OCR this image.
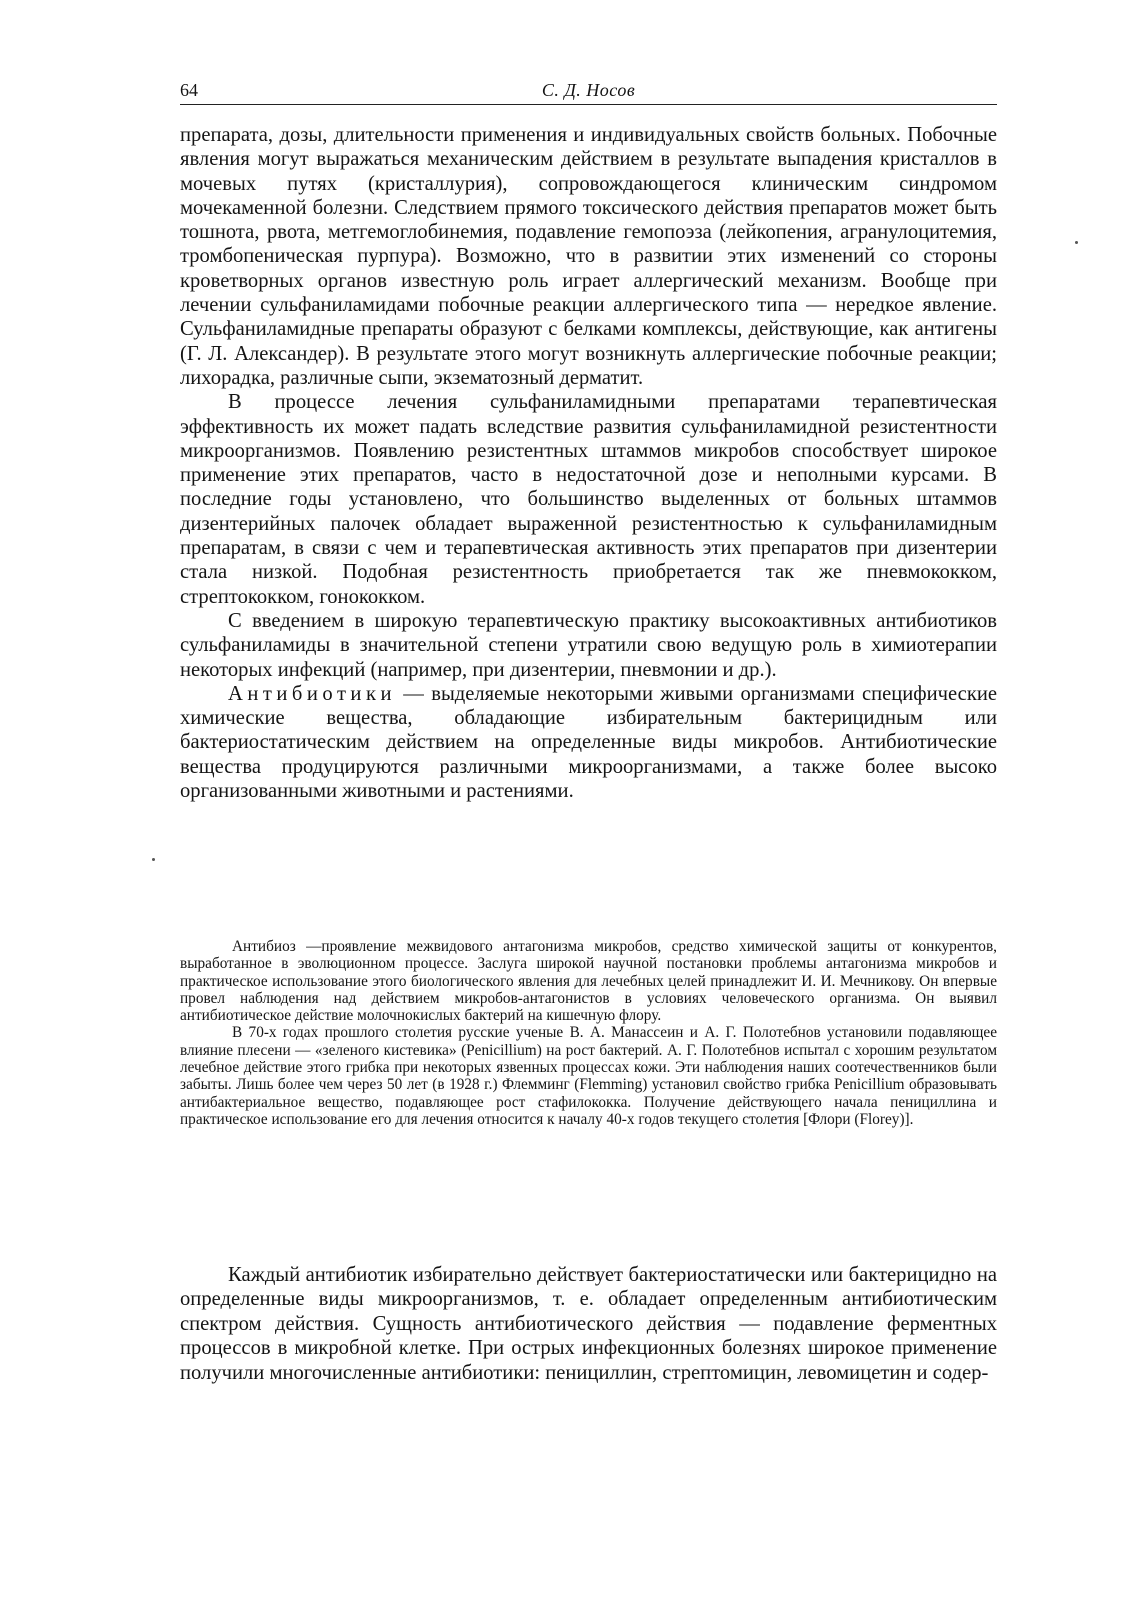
64	С. Д. Носов

препарата, дозы, длительности применения и индивидуальных свойств больных. Побочные явления могут выражаться механическим действием в результате выпадения кристаллов в мочевых путях (кристаллурия), сопровождающегося клиническим синдромом мочекаменной болезни. Следствием прямого токсического действия препаратов может быть тошнота, рвота, метгемоглобинемия, подавление гемопоэза (лейкопения, агранулоцитемия, тромбопеническая пурпура). Возможно, что в развитии этих изменений со стороны кроветворных органов известную роль играет аллергический механизм. Вообще при лечении сульфаниламидами побочные реакции аллергического типа — нередкое явление. Сульфаниламидные препараты образуют с белками комплексы, действующие, как антигены (Г. Л. Александер). В результате этого могут возникнуть аллергические побочные реакции; лихорадка, различные сыпи, экзематозный дерматит.

В процессе лечения сульфаниламидными препаратами терапевтическая эффективность их может падать вследствие развития сульфаниламидной резистентности микроорганизмов. Появлению резистентных штаммов микробов способствует широкое применение этих препаратов, часто в недостаточной дозе и неполными курсами. В последние годы установлено, что большинство выделенных от больных штаммов дизентерийных палочек обладает выраженной резистентностью к сульфаниламидным препаратам, в связи с чем и терапевтическая активность этих препаратов при дизентерии стала низкой. Подобная резистентность приобретается так же пневмококком, стрептококком, гонококком.

С введением в широкую терапевтическую практику высокоактивных антибиотиков сульфаниламиды в значительной степени утратили свою ведущую роль в химиотерапии некоторых инфекций (например, при дизентерии, пневмонии и др.).

Антибиотики — выделяемые некоторыми живыми организмами специфические химические вещества, обладающие избирательным бактерицидным или бактериостатическим действием на определенные виды микробов. Антибиотические вещества продуцируются различными микроорганизмами, а также более высоко организованными животными и растениями.

Антибиоз —проявление межвидового антагонизма микробов, средство химической защиты от конкурентов, выработанное в эволюционном процессе. Заслуга широкой научной постановки проблемы антагонизма микробов и практическое использование этого биологического явления для лечебных целей принадлежит И. И. Мечникову. Он впервые провел наблюдения над действием микробов-антагонистов в условиях человеческого организма. Он выявил антибиотическое действие молочнокислых бактерий на кишечную флору.

В 70-х годах прошлого столетия русские ученые В. А. Манассеин и А. Г. Полотебнов установили подавляющее влияние плесени — «зеленого кистевика» (Penicillium) на рост бактерий. А. Г. Полотебнов испытал с хорошим результатом лечебное действие этого грибка при некоторых язвенных процессах кожи. Эти наблюдения наших соотечественников были забыты. Лишь более чем через 50 лет (в 1928 г.) Флемминг (Flemming) установил свойство грибка Penicillium образовывать антибактериальное вещество, подавляющее рост стафилококка. Получение действующего начала пенициллина и практическое использование его для лечения относится к началу 40-х годов текущего столетия [Флори (Florey)].

Каждый антибиотик избирательно действует бактериостатически или бактерицидно на определенные виды микроорганизмов, т. е. обладает определенным антибиотическим спектром действия. Сущность антибиотического действия — подавление ферментных процессов в микробной клетке. При острых инфекционных болезнях широкое применение получили многочисленные антибиотики: пенициллин, стрептомицин, левомицетин и содер-
